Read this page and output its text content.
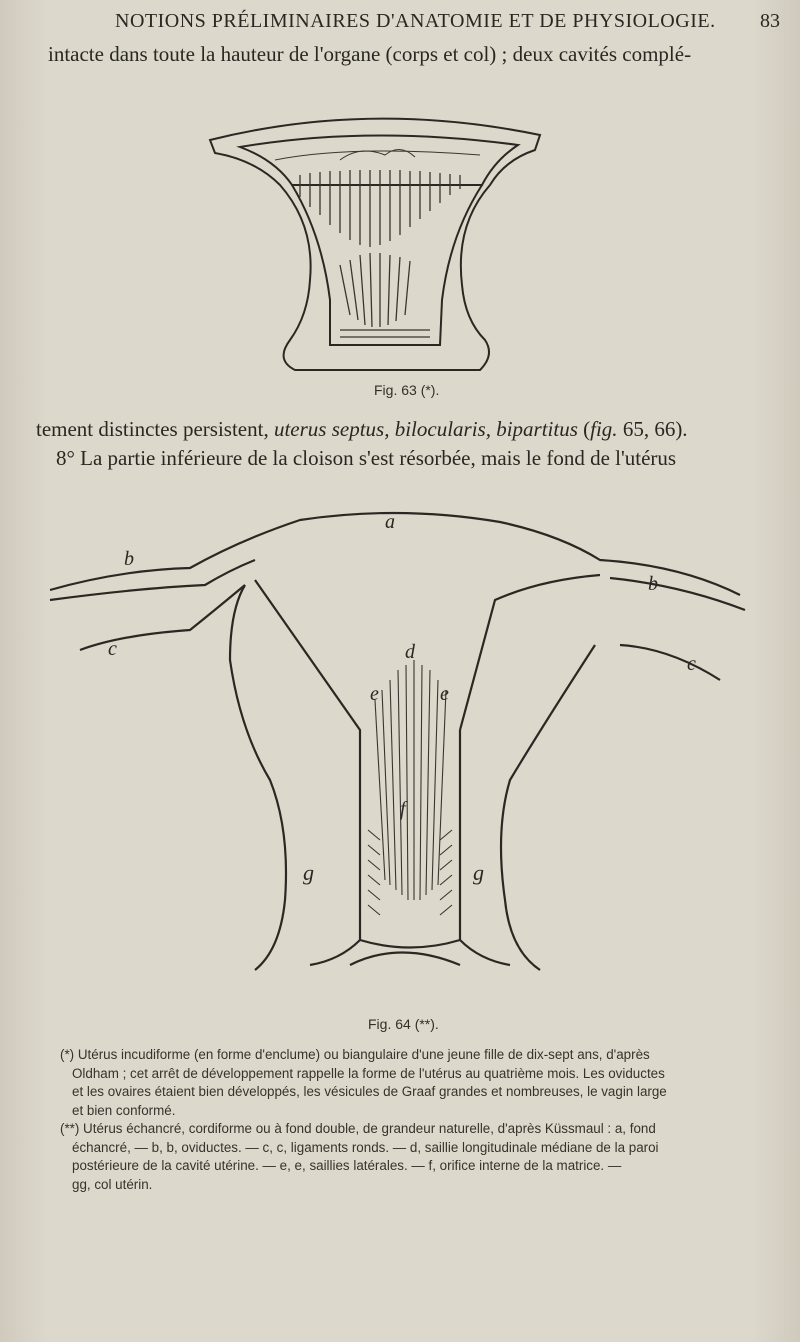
NOTIONS PRÉLIMINAIRES D'ANATOMIE ET DE PHYSIOLOGIE. 83
intacte dans toute la hauteur de l'organe (corps et col) ; deux cavités complé-
Fig. 63 (*).
tement distinctes persistent, uterus septus, bilocularis, bipartitus (fig. 65, 66).
8° La partie inférieure de la cloison s'est résorbée, mais le fond de l'utérus
a
b
b
c
c
d
e	e
f
g	g
Fig. 64 (**).
(*) Utérus incudiforme (en forme d'enclume) ou biangulaire d'une jeune fille de dix-sept ans, d'après
Oldham ; cet arrêt de développement rappelle la forme de l'utérus au quatrième mois. Les oviductes
et les ovaires étaient bien développés, les vésicules de Graaf grandes et nombreuses, le vagin large
et bien conformé.
(**) Utérus échancré, cordiforme ou à fond double, de grandeur naturelle, d'après Küssmaul : a, fond
échancré, — b, b, oviductes. — c, c, ligaments ronds. — d, saillie longitudinale médiane de la paroi
postérieure de la cavité utérine. — e, e, saillies latérales. — f, orifice interne de la matrice. —
gg, col utérin.
